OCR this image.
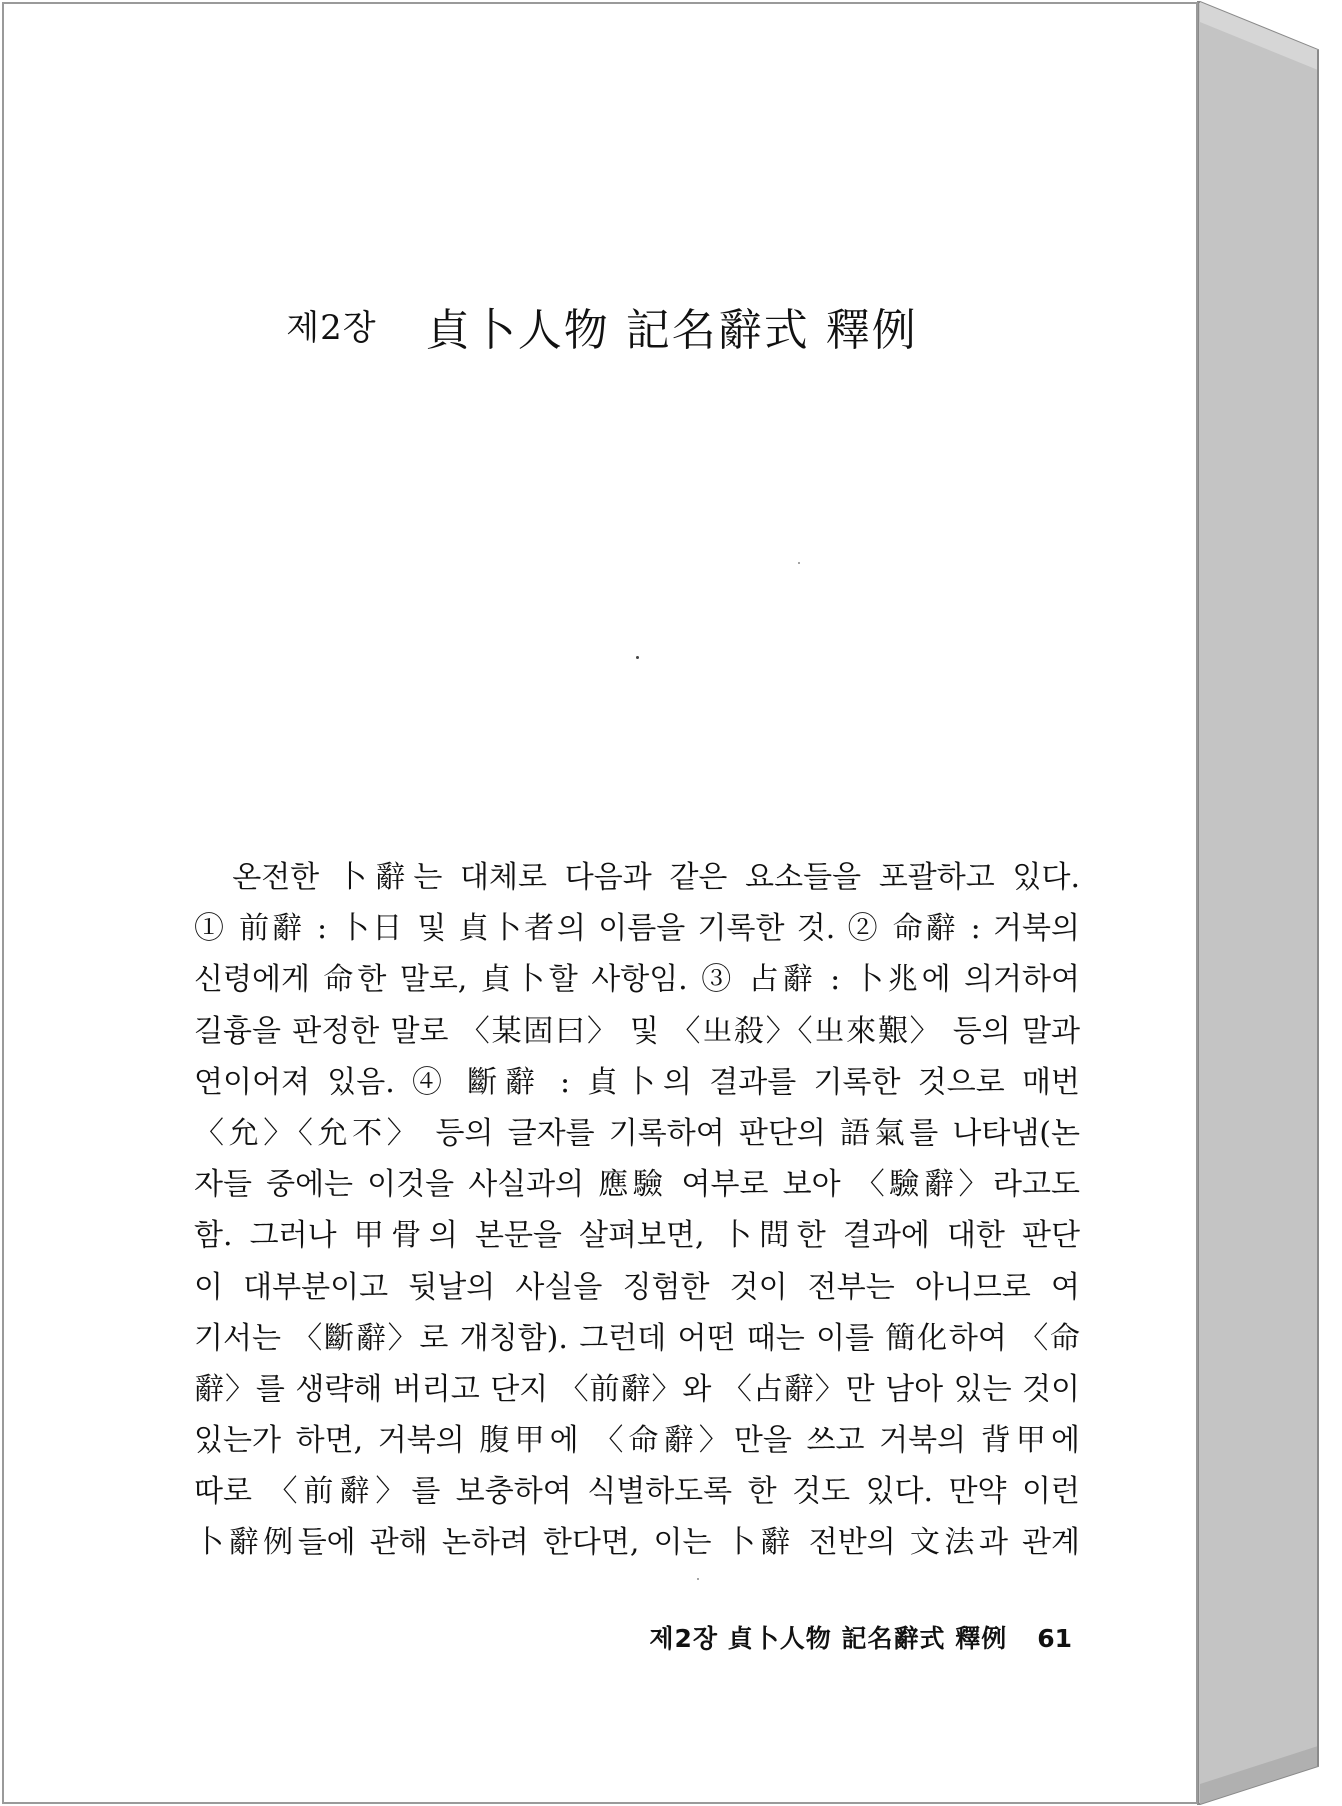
제2장 貞卜人物 記名辭式 釋例
　온전한 卜辭는 대체로 다음과 같은 요소들을 포괄하고 있다.
① 前辭 : 卜日 및 貞卜者의 이름을 기록한 것. ② 命辭 : 거북의
신령에게 命한 말로, 貞卜할 사항임. ③ 占辭 : 卜兆에 의거하여
길흉을 판정한 말로 〈某固曰〉 및 〈㞢殺〉〈㞢來艱〉 등의 말과
연이어져 있음. ④ 斷辭 : 貞卜의 결과를 기록한 것으로 매번
〈允〉〈允不〉 등의 글자를 기록하여 판단의 語氣를 나타냄(논
자들 중에는 이것을 사실과의 應驗 여부로 보아 〈驗辭〉라고도
함. 그러나 甲骨의 본문을 살펴보면, 卜問한 결과에 대한 판단
이 대부분이고 뒷날의 사실을 징험한 것이 전부는 아니므로 여
기서는 〈斷辭〉로 개칭함). 그런데 어떤 때는 이를 簡化하여 〈命
辭〉를 생략해 버리고 단지 〈前辭〉와 〈占辭〉만 남아 있는 것이
있는가 하면, 거북의 腹甲에 〈命辭〉만을 쓰고 거북의 背甲에
따로 〈前辭〉를 보충하여 식별하도록 한 것도 있다. 만약 이런
卜辭例들에 관해 논하려 한다면, 이는 卜辭 전반의 文法과 관계
제2장 貞卜人物 記名辭式 釋例 61
